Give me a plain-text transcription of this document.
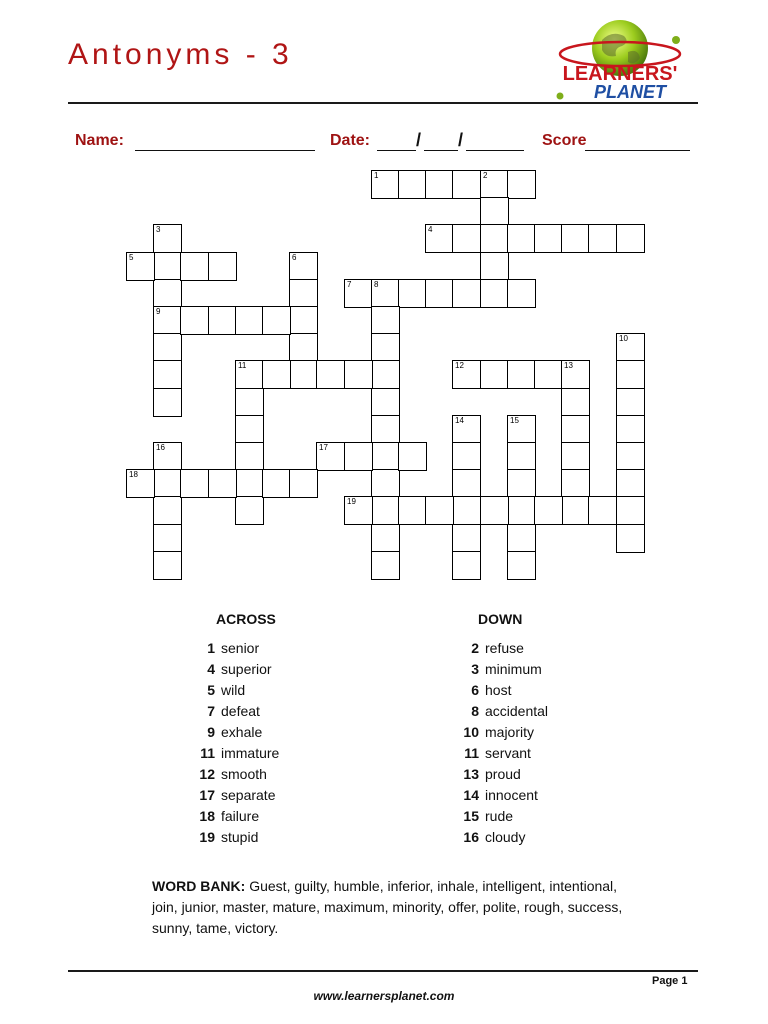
Antonyms - 3
LEARNERS'
PLANET
Name:	Date:	/ /	Score
1	2
3
9
4
5	6
7	8
10
11	12	13
14	15
16	17
18
19
ACROSS	DOWN
1 senior
4 superior
5 wild
7 defeat
9 exhale
11 immature
12 smooth
17 separate
18 failure
19 stupid
2 refuse
3 minimum
6 host
8 accidental
10 majority
11 servant
13 proud
14 innocent
15 rude
16 cloudy
WORD BANK: Guest, guilty, humble, inferior, inhale, intelligent, intentional, join, junior, master, mature, maximum, minority, offer, polite, rough, success, sunny, tame, victory.
Page 1
www.learnersplanet.com
